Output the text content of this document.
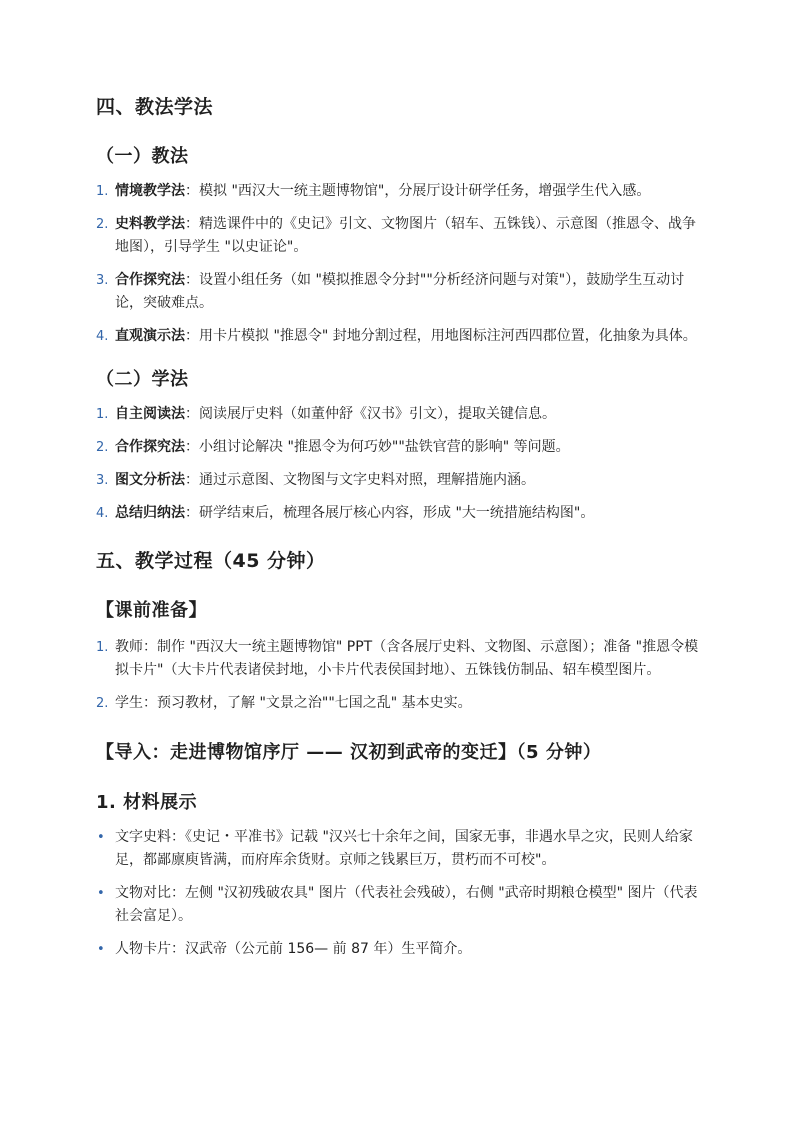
四、教法学法
（一）教法
1. 情境教学法：模拟 "西汉大一统主题博物馆"，分展厅设计研学任务，增强学生代入感。
2. 史料教学法：精选课件中的《史记》引文、文物图片（轺车、五铢钱）、示意图（推恩令、战争地图），引导学生 "以史证论"。
3. 合作探究法：设置小组任务（如 "模拟推恩令分封""分析经济问题与对策"），鼓励学生互动讨论，突破难点。
4. 直观演示法：用卡片模拟 "推恩令" 封地分割过程，用地图标注河西四郡位置，化抽象为具体。
（二）学法
1. 自主阅读法：阅读展厅史料（如董仲舒《汉书》引文），提取关键信息。
2. 合作探究法：小组讨论解决 "推恩令为何巧妙""盐铁官营的影响" 等问题。
3. 图文分析法：通过示意图、文物图与文字史料对照，理解措施内涵。
4. 总结归纳法：研学结束后，梳理各展厅核心内容，形成 "大一统措施结构图"。
五、教学过程（45 分钟）
【课前准备】
1. 教师：制作 "西汉大一统主题博物馆" PPT（含各展厅史料、文物图、示意图）；准备 "推恩令模拟卡片"（大卡片代表诸侯封地，小卡片代表侯国封地）、五铢钱仿制品、轺车模型图片。
2. 学生：预习教材，了解 "文景之治""七国之乱" 基本史实。
【导入：走进博物馆序厅 —— 汉初到武帝的变迁】（5 分钟）
1. 材料展示
• 文字史料：《史记・平准书》记载 "汉兴七十余年之间，国家无事，非遇水旱之灾，民则人给家足，都鄙廪庾皆满，而府库余货财。京师之钱累巨万，贯朽而不可校"。
• 文物对比：左侧 "汉初残破农具" 图片（代表社会残破），右侧 "武帝时期粮仓模型" 图片（代表社会富足）。
• 人物卡片：汉武帝（公元前 156— 前 87 年）生平简介。
